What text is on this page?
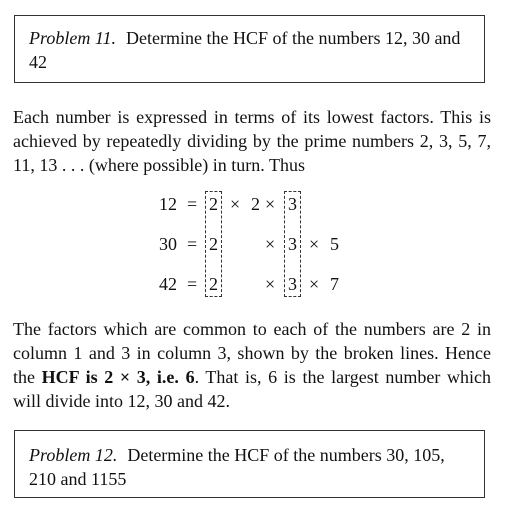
Problem 11. Determine the HCF of the numbers 12, 30 and 42
Each number is expressed in terms of its lowest factors. This is achieved by repeatedly dividing by the prime numbers 2, 3, 5, 7, 11, 13 . . . (where possible) in turn. Thus
12 = 2 × 2 × 3
30 = 2	× 3 × 5
42 = 2	× 3 × 7
The factors which are common to each of the numbers are 2 in column 1 and 3 in column 3, shown by the broken lines. Hence the HCF is 2 × 3, i.e. 6. That is, 6 is the largest number which will divide into 12, 30 and 42.
Problem 12. Determine the HCF of the numbers 30, 105, 210 and 1155
